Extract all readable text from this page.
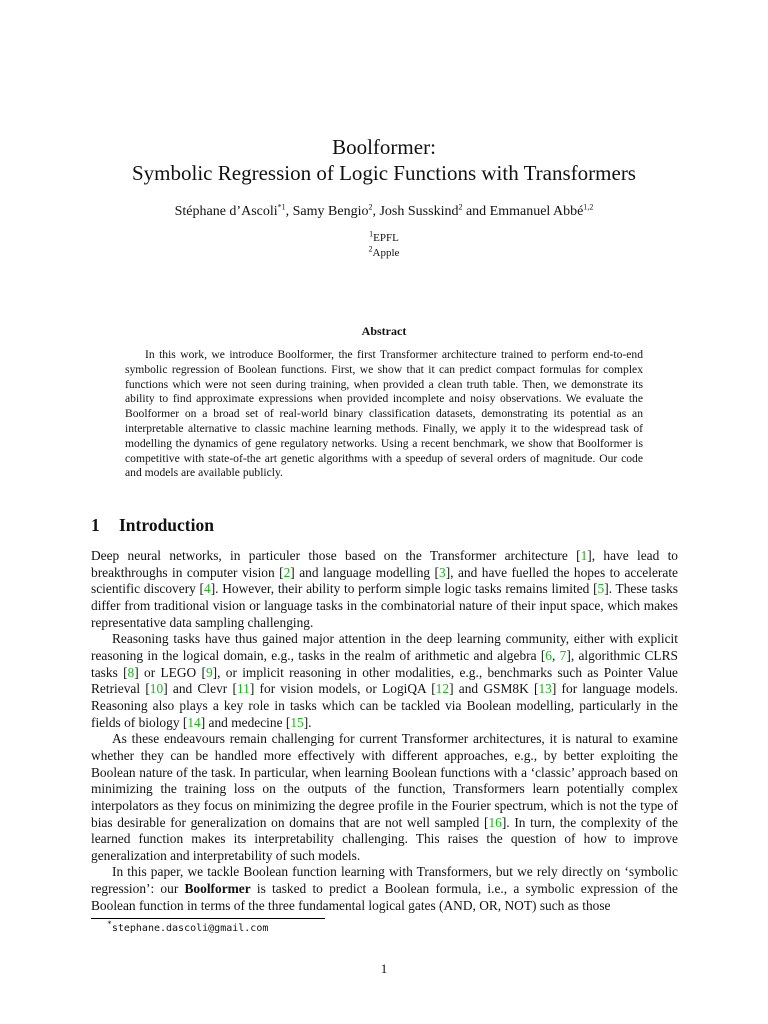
Boolformer:
Symbolic Regression of Logic Functions with Transformers
Stéphane d’Ascoli$^{*1}$, Samy Bengio$^2$, Josh Susskind$^2$ and Emmanuel Abbé$^{1,2}$
$^1$EPFL
$^2$Apple
Abstract

In this work, we introduce Boolformer, the first Transformer architecture trained to perform end-to-end symbolic regression of Boolean functions. First, we show that it can predict compact formulas for complex functions which were not seen during training, when provided a clean truth table. Then, we demonstrate its ability to find approximate expressions when provided incomplete and noisy observations. We evaluate the Boolformer on a broad set of real-world binary classification datasets, demonstrating its potential as an interpretable alternative to classic machine learning methods. Finally, we apply it to the widespread task of modelling the dynamics of gene regulatory networks. Using a recent benchmark, we show that Boolformer is competitive with state-of-the art genetic algorithms with a speedup of several orders of magnitude. Our code and models are available publicly.

1 Introduction

Deep neural networks, in particuler those based on the Transformer architecture [1], have lead to breakthroughs in computer vision [2] and language modelling [3], and have fuelled the hopes to accelerate scientific discovery [4]. However, their ability to perform simple logic tasks remains limited [5]. These tasks differ from traditional vision or language tasks in the combinatorial nature of their input space, which makes representative data sampling challenging.

Reasoning tasks have thus gained major attention in the deep learning community, either with explicit reasoning in the logical domain, e.g., tasks in the realm of arithmetic and algebra [6, 7], algorithmic CLRS tasks [8] or LEGO [9], or implicit reasoning in other modalities, e.g., benchmarks such as Pointer Value Retrieval [10] and Clevr [11] for vision models, or LogiQA [12] and GSM8K [13] for language models. Reasoning also plays a key role in tasks which can be tackled via Boolean modelling, particularly in the fields of biology [14] and medecine [15].

As these endeavours remain challenging for current Transformer architectures, it is natural to examine whether they can be handled more effectively with different approaches, e.g., by better exploiting the Boolean nature of the task. In particular, when learning Boolean functions with a ‘classic’ approach based on minimizing the training loss on the outputs of the function, Transformers learn potentially complex interpolators as they focus on minimizing the degree profile in the Fourier spectrum, which is not the type of bias desirable for generalization on domains that are not well sampled [16]. In turn, the complexity of the learned function makes its interpretability challenging. This raises the question of how to improve generalization and interpretability of such models.

In this paper, we tackle Boolean function learning with Transformers, but we rely directly on ‘symbolic regression’: our Boolformer is tasked to predict a Boolean formula, i.e., a symbolic expression of the Boolean function in terms of the three fundamental logical gates (AND, OR, NOT) such as those

*stephane.dascoli@gmail.com
1
